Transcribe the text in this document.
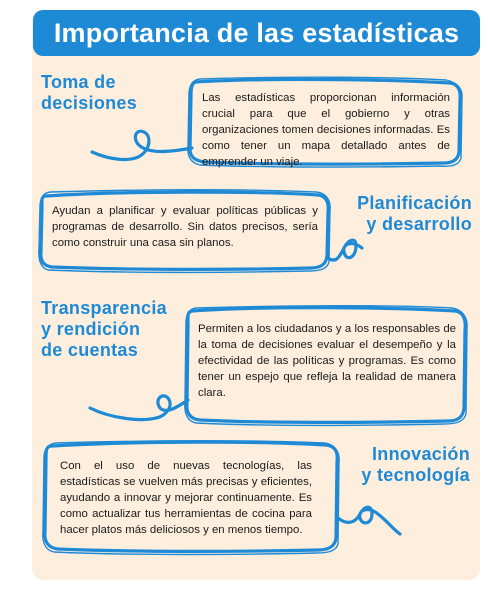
Importancia de las estadísticas
Toma de
decisiones	Las estadísticas proporcionan información crucial para que el gobierno y otras organizaciones tomen decisiones informadas. Es como tener un mapa detallado antes de emprender un viaje.
Planificación
y desarrollo
Ayudan a planificar y evaluar políticas públicas y programas de desarrollo. Sin datos precisos, sería como construir una casa sin planos.
Transparencia
y rendición
de cuentas
Permiten a los ciudadanos y a los responsables de la toma de decisiones evaluar el desempeño y la efectividad de las políticas y programas. Es como tener un espejo que refleja la realidad de manera clara.
Innovación
y tecnología
Con el uso de nuevas tecnologías, las estadísticas se vuelven más precisas y eficientes, ayudando a innovar y mejorar continuamente. Es como actualizar tus herramientas de cocina para hacer platos más deliciosos y en menos tiempo.
